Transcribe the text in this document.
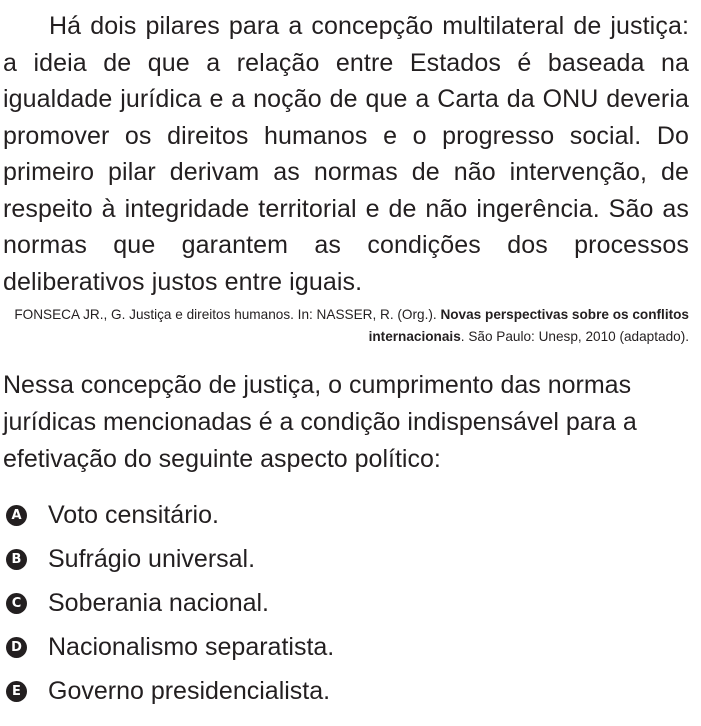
Há dois pilares para a concepção multilateral de justiça: a ideia de que a relação entre Estados é baseada na igualdade jurídica e a noção de que a Carta da ONU deveria promover os direitos humanos e o progresso social. Do primeiro pilar derivam as normas de não intervenção, de respeito à integridade territorial e de não ingerência. São as normas que garantem as condições dos processos deliberativos justos entre iguais.

FONSECA JR., G. Justiça e direitos humanos. In: NASSER, R. (Org.). Novas perspectivas sobre os conflitos internacionais. São Paulo: Unesp, 2010 (adaptado).

Nessa concepção de justiça, o cumprimento das normas jurídicas mencionadas é a condição indispensável para a efetivação do seguinte aspecto político:

A Voto censitário.
B Sufrágio universal.
C Soberania nacional.
D Nacionalismo separatista.
E Governo presidencialista.
